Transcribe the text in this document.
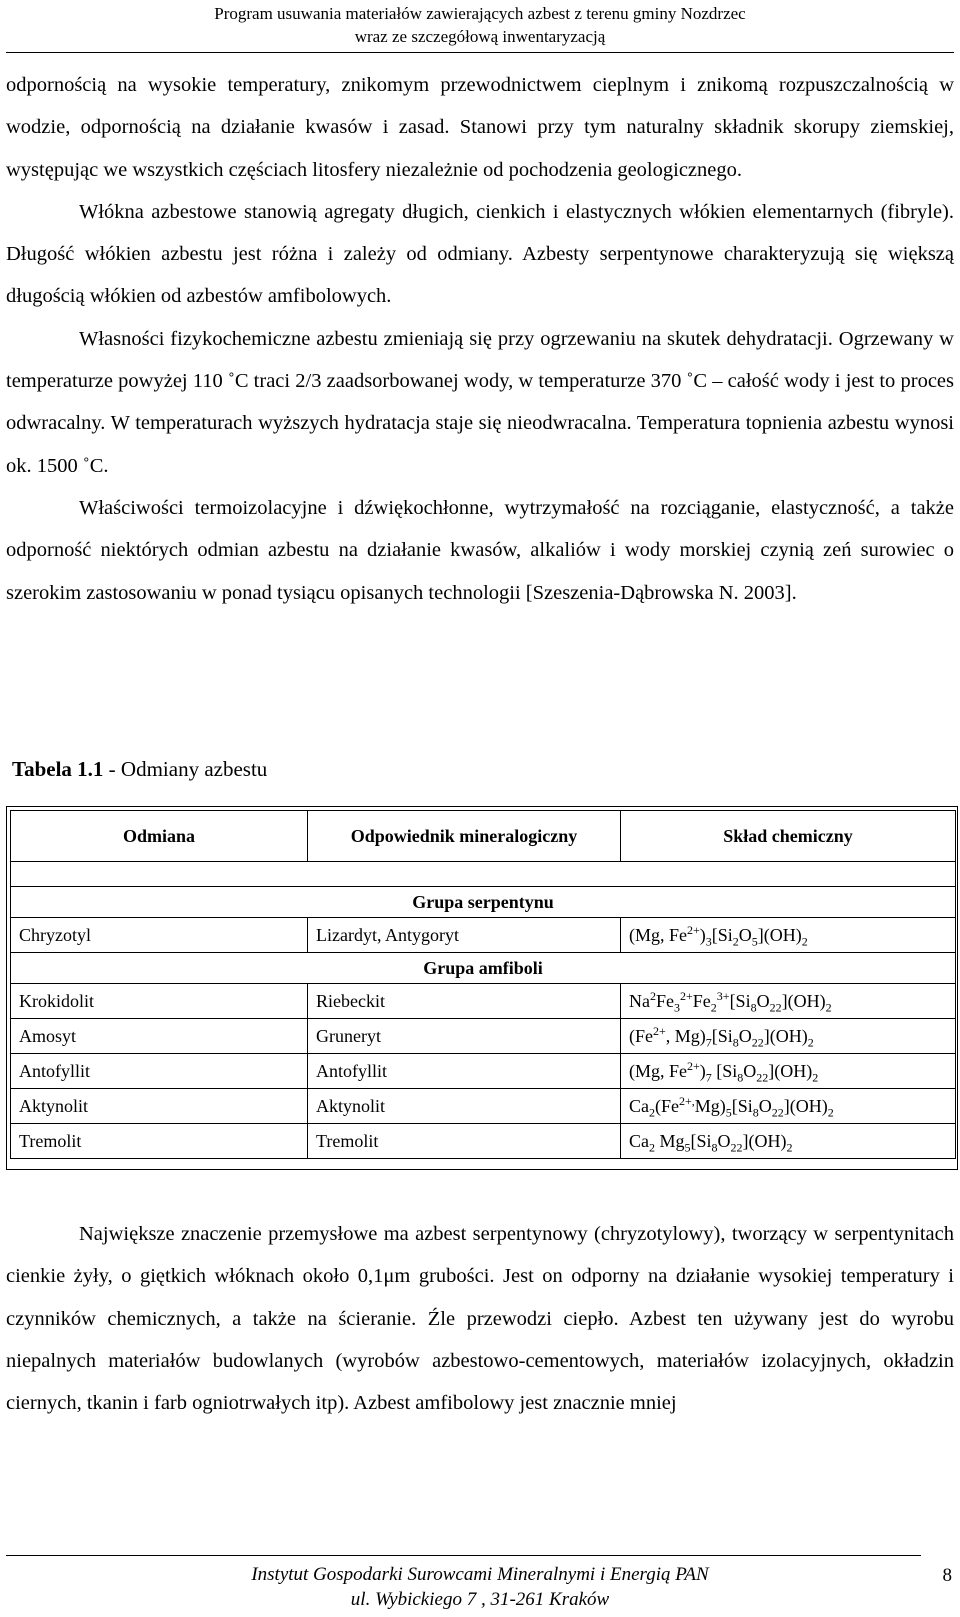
Program usuwania materiałów zawierających azbest z terenu gminy Nozdrzec
wraz ze szczegółową inwentaryzacją

odpornością na wysokie temperatury, znikomym przewodnictwem cieplnym i znikomą rozpuszczalnością w wodzie, odpornością na działanie kwasów i zasad. Stanowi przy tym naturalny składnik skorupy ziemskiej, występując we wszystkich częściach litosfery niezależnie od pochodzenia geologicznego.

Włókna azbestowe stanowią agregaty długich, cienkich i elastycznych włókien elementarnych (fibryle). Długość włókien azbestu jest różna i zależy od odmiany. Azbesty serpentynowe charakteryzują się większą długością włókien od azbestów amfibolowych.

Własności fizykochemiczne azbestu zmieniają się przy ogrzewaniu na skutek dehydratacji. Ogrzewany w temperaturze powyżej 110 ˚C traci 2/3 zaadsorbowanej wody, w temperaturze 370 ˚C – całość wody i jest to proces odwracalny. W temperaturach wyższych hydratacja staje się nieodwracalna. Temperatura topnienia azbestu wynosi ok. 1500 ˚C.

Właściwości termoizolacyjne i dźwiękochłonne, wytrzymałość na rozciąganie, elastyczność, a także odporność niektórych odmian azbestu na działanie kwasów, alkaliów i wody morskiej czynią zeń surowiec o szerokim zastosowaniu w ponad tysiącu opisanych technologii [Szeszenia-Dąbrowska N. 2003].

Tabela 1.1 - Odmiany azbestu
Odmiana	Odpowiednik mineralogiczny	Skład chemiczny

Grupa serpentynu		
Chryzotyl	Lizardyt, Antygoryt	(Mg, $Fe^{2+})_3[Si_2O_5](OH)_2$
Grupa amfiboli		
Krokidolit	Riebeckit	$Na^2Fe_3^{2+}Fe_2^{3+}[Si_8O_{22}](OH)_2$
Amosyt	Gruneryt	($Fe^{2+}$, $Mg)_7[Si_8O_{22}](OH)_2$
Antofyllit	Antofyllit	(Mg, $Fe^{2+})_7$ $[Si_8O_{22}](OH)_2$
Aktynolit	Aktynolit	$Ca_2(Fe^{2+,}Mg)_5[Si_8O_{22}](OH)_2$
Tremolit	Tremolit	$Ca_2$ $Mg_5[Si_8O_{22}](OH)_2$

Największe znaczenie przemysłowe ma azbest serpentynowy (chryzotylowy), tworzący w serpentynitach cienkie żyły, o giętkich włóknach około 0,1μm grubości. Jest on odporny na działanie wysokiej temperatury i czynników chemicznych, a także na ścieranie. Źle przewodzi ciepło. Azbest ten używany jest do wyrobu niepalnych materiałów budowlanych (wyrobów azbestowo-cementowych, materiałów izolacyjnych, okładzin ciernych, tkanin i farb ogniotrwałych itp). Azbest amfibolowy jest znacznie mniej

Instytut Gospodarki Surowcami Mineralnymi i Energią PAN
ul. Wybickiego 7 , 31-261 Kraków
8
